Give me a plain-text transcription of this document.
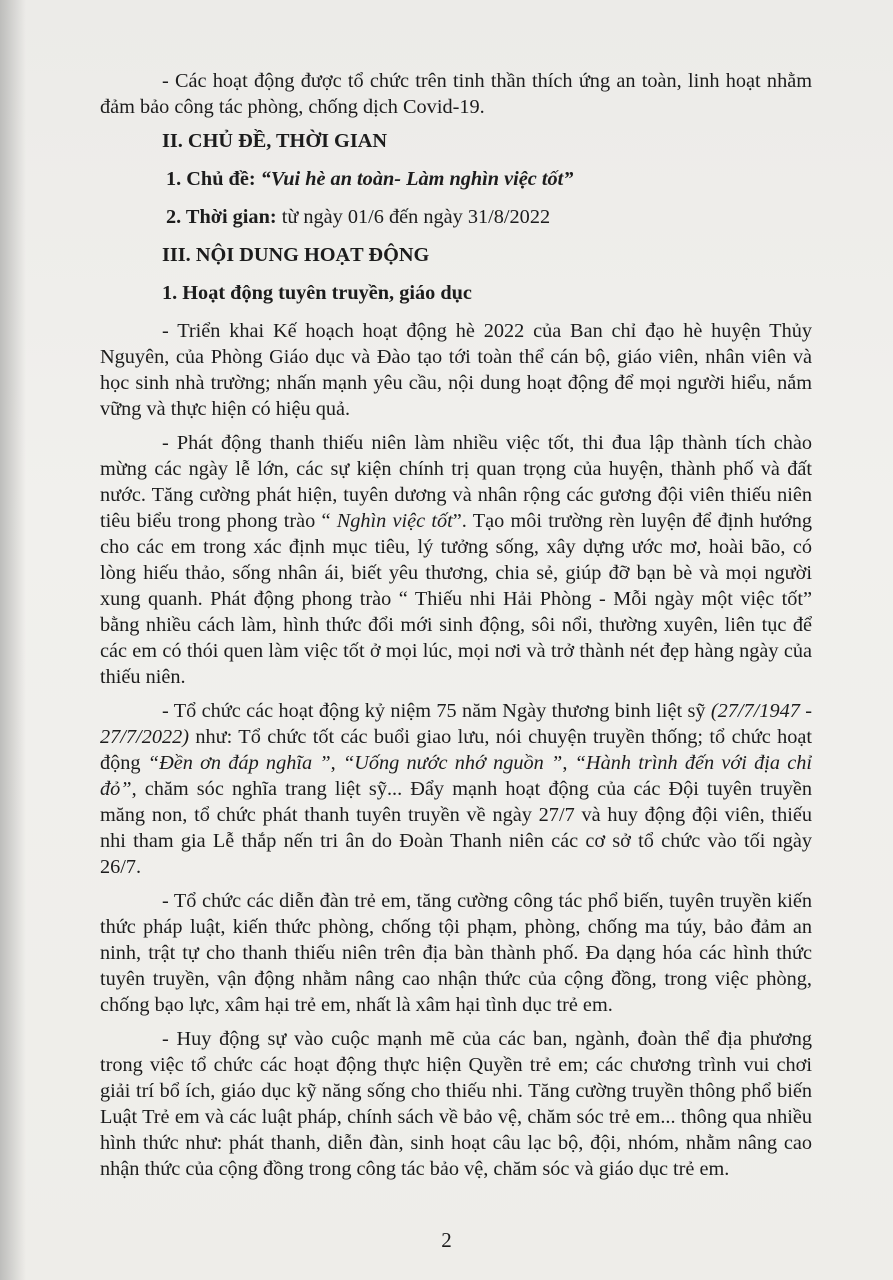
- Các hoạt động được tổ chức trên tinh thần thích ứng an toàn, linh hoạt nhằm đảm bảo công tác phòng, chống dịch Covid-19.

II. CHỦ ĐỀ, THỜI GIAN
1. Chủ đề: “Vui hè an toàn- Làm nghìn việc tốt”
2. Thời gian: từ ngày 01/6 đến ngày 31/8/2022
III. NỘI DUNG HOẠT ĐỘNG
1. Hoạt động tuyên truyền, giáo dục

- Triển khai Kế hoạch hoạt động hè 2022 của Ban chỉ đạo hè huyện Thủy Nguyên, của Phòng Giáo dục và Đào tạo tới toàn thể cán bộ, giáo viên, nhân viên và học sinh nhà trường; nhấn mạnh yêu cầu, nội dung hoạt động để mọi người hiểu, nắm vững và thực hiện có hiệu quả.

- Phát động thanh thiếu niên làm nhiều việc tốt, thi đua lập thành tích chào mừng các ngày lễ lớn, các sự kiện chính trị quan trọng của huyện, thành phố và đất nước. Tăng cường phát hiện, tuyên dương và nhân rộng các gương đội viên thiếu niên tiêu biểu trong phong trào “ Nghìn việc tốt”. Tạo môi trường rèn luyện để định hướng cho các em trong xác định mục tiêu, lý tưởng sống, xây dựng ước mơ, hoài bão, có lòng hiếu thảo, sống nhân ái, biết yêu thương, chia sẻ, giúp đỡ bạn bè và mọi người xung quanh. Phát động phong trào “ Thiếu nhi Hải Phòng - Mỗi ngày một việc tốt” bằng nhiều cách làm, hình thức đổi mới sinh động, sôi nổi, thường xuyên, liên tục để các em có thói quen làm việc tốt ở mọi lúc, mọi nơi và trở thành nét đẹp hàng ngày của thiếu niên.

- Tổ chức các hoạt động kỷ niệm 75 năm Ngày thương binh liệt sỹ (27/7/1947 - 27/7/2022) như: Tổ chức tốt các buổi giao lưu, nói chuyện truyền thống; tổ chức hoạt động “Đền ơn đáp nghĩa ”, “Uống nước nhớ nguồn ”, “Hành trình đến với địa chỉ đỏ”, chăm sóc nghĩa trang liệt sỹ... Đẩy mạnh hoạt động của các Đội tuyên truyền măng non, tổ chức phát thanh tuyên truyền về ngày 27/7 và huy động đội viên, thiếu nhi tham gia Lễ thắp nến tri ân do Đoàn Thanh niên các cơ sở tổ chức vào tối ngày 26/7.

- Tổ chức các diễn đàn trẻ em, tăng cường công tác phổ biến, tuyên truyền kiến thức pháp luật, kiến thức phòng, chống tội phạm, phòng, chống ma túy, bảo đảm an ninh, trật tự cho thanh thiếu niên trên địa bàn thành phố. Đa dạng hóa các hình thức tuyên truyền, vận động nhằm nâng cao nhận thức của cộng đồng, trong việc phòng, chống bạo lực, xâm hại trẻ em, nhất là xâm hại tình dục trẻ em.

- Huy động sự vào cuộc mạnh mẽ của các ban, ngành, đoàn thể địa phương trong việc tổ chức các hoạt động thực hiện Quyền trẻ em; các chương trình vui chơi giải trí bổ ích, giáo dục kỹ năng sống cho thiếu nhi. Tăng cường truyền thông phổ biến Luật Trẻ em và các luật pháp, chính sách về bảo vệ, chăm sóc trẻ em... thông qua nhiều hình thức như: phát thanh, diễn đàn, sinh hoạt câu lạc bộ, đội, nhóm, nhằm nâng cao nhận thức của cộng đồng trong công tác bảo vệ, chăm sóc và giáo dục trẻ em.

2
